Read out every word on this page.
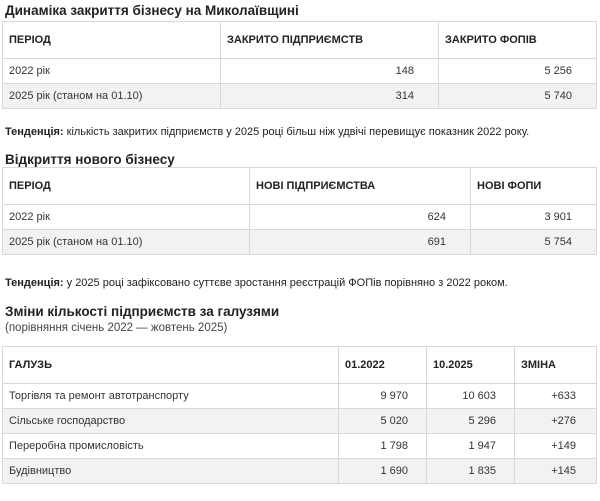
Динаміка закриття бізнесу на Миколаївщині
ПЕРІОД	ЗАКРИТО ПІДПРИЄМСТВ	ЗАКРИТО ФОПІВ
2022 рік	148	5 256
2025 рік (станом на 01.10)	314	5 740
Тенденція: кількість закритих підприємств у 2025 році більш ніж удвічі перевищує показник 2022 року.
Відкриття нового бізнесу
ПЕРІОД	НОВІ ПІДПРИЄМСТВА	НОВІ ФОПИ
2022 рік	624	3 901
2025 рік (станом на 01.10)	691	5 754
Тенденція: у 2025 році зафіксовано суттєве зростання реєстрацій ФОПів порівняно з 2022 роком.
Зміни кількості підприємств за галузями
(порівняння січень 2022 — жовтень 2025)
ГАЛУЗЬ	01.2022	10.2025	ЗМІНА
Торгівля та ремонт автотранспорту	9 970	10 603	+633
Сільське господарство	5 020	5 296	+276
Переробна промисловість	1 798	1 947	+149
Будівництво	1 690	1 835	+145
